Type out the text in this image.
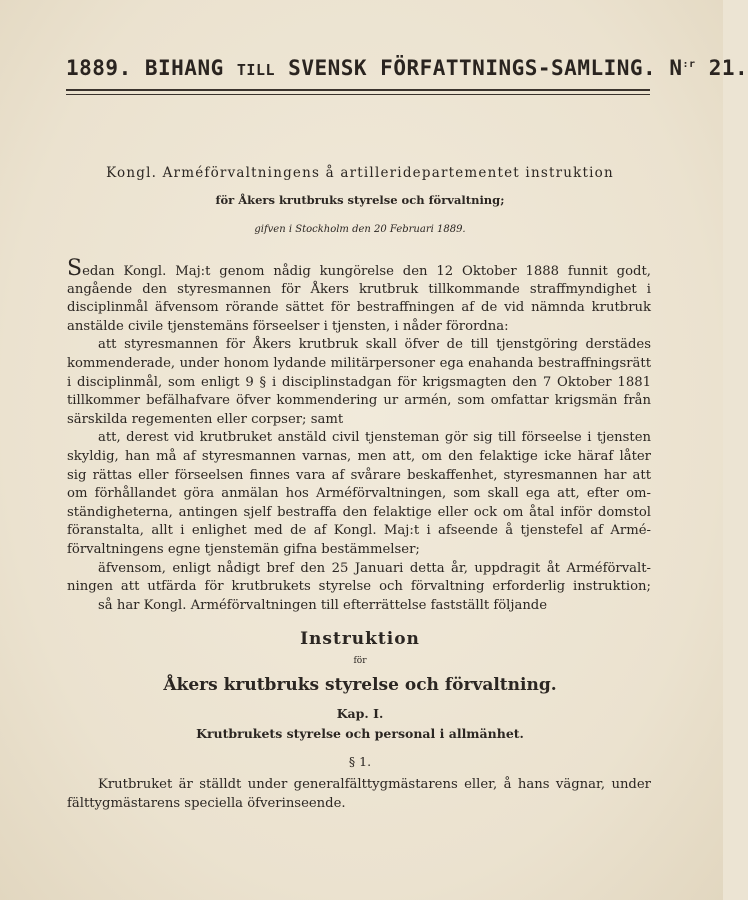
1889. BIHANG TILL SVENSK FÖRFATTNINGS-SAMLING. $N^{:r}$ 21.
Kongl. Arméförvaltningens å artilleridepartementet instruktion
för Åkers krutbruks styrelse och förvaltning;
gifven i Stockholm den 20 Februari 1889.
Sedan Kongl. Maj:t genom nådig kungörelse den 12 Oktober 1888 funnit godt,
angående den styresmannen för Åkers krutbruk tillkommande straffmyndighet i
disciplinmål äfvensom rörande sättet för bestraffningen af de vid nämnda krutbruk
anstälde civile tjenstemäns förseelser i tjensten, i nåder förordna:
att styresmannen för Åkers krutbruk skall öfver de till tjenstgöring derstädes
kommenderade, under honom lydande militärpersoner ega enahanda bestraffningsrätt
i disciplinmål, som enligt 9 § i disciplinstadgan för krigsmagten den 7 Oktober 1881
tillkommer befälhafvare öfver kommendering ur armén, som omfattar krigsmän från
särskilda regementen eller corpser; samt
att, derest vid krutbruket anstäld civil tjensteman gör sig till förseelse i tjensten
skyldig, han må af styresmannen varnas, men att, om den felaktige icke häraf låter
sig rättas eller förseelsen finnes vara af svårare beskaffenhet, styresmannen har att
om förhållandet göra anmälan hos Arméförvaltningen, som skall ega att, efter om-
ständigheterna, antingen sjelf bestraffa den felaktige eller ock om åtal inför domstol
föranstalta, allt i enlighet med de af Kongl. Maj:t i afseende å tjenstefel af Armé-
förvaltningens egne tjenstemän gifna bestämmelser;
äfvensom, enligt nådigt bref den 25 Januari detta år, uppdragit åt Arméförvalt-
ningen att utfärda för krutbrukets styrelse och förvaltning erforderlig instruktion;
så har Kongl. Arméförvaltningen till efterrättelse fastställt följande
Instruktion
för
Åkers krutbruks styrelse och förvaltning.
Kap. I.
Krutbrukets styrelse och personal i allmänhet.
§ 1.
Krutbruket är ställdt under generalfälttygmästarens eller, å hans vägnar, under
fälttygmästarens speciella öfverinseende.
